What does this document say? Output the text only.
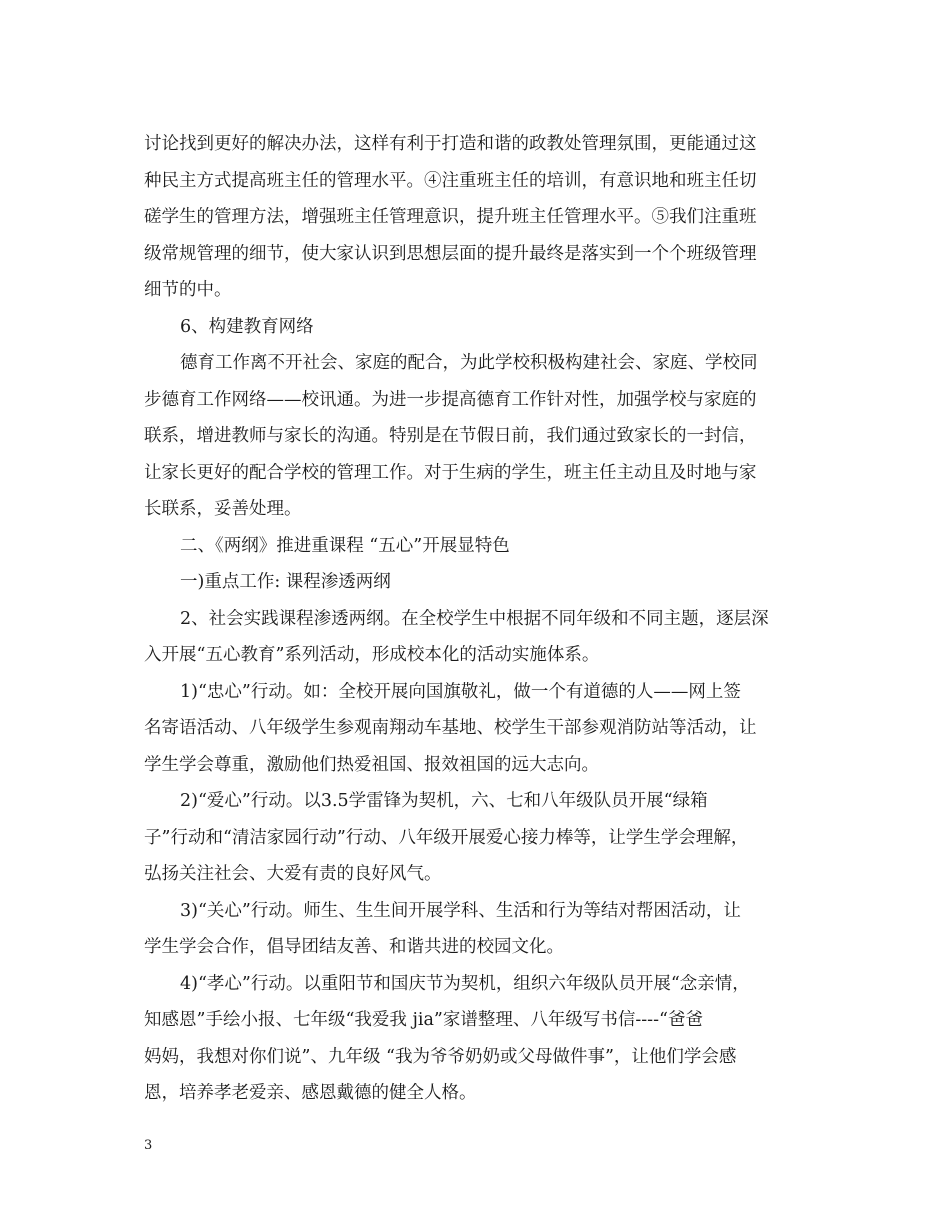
讨论找到更好的解决办法，这样有利于打造和谐的政教处管理氛围，更能通过这
种民主方式提高班主任的管理水平。④注重班主任的培训，有意识地和班主任切
磋学生的管理方法，增强班主任管理意识，提升班主任管理水平。⑤我们注重班
级常规管理的细节，使大家认识到思想层面的提升最终是落实到一个个班级管理
细节的中。
6、构建教育网络
德育工作离不开社会、家庭的配合，为此学校积极构建社会、家庭、学校同
步德育工作网络——校讯通。为进一步提高德育工作针对性，加强学校与家庭的
联系，增进教师与家长的沟通。特别是在节假日前，我们通过致家长的一封信，
让家长更好的配合学校的管理工作。对于生病的学生，班主任主动且及时地与家
长联系，妥善处理。
二、《两纲》推进重课程 “五心”开展显特色
一)重点工作: 课程渗透两纲
2、社会实践课程渗透两纲。在全校学生中根据不同年级和不同主题，逐层深
入开展“五心教育”系列活动，形成校本化的活动实施体系。
1)“忠心”行动。如：全校开展向国旗敬礼，做一个有道德的人——网上签
名寄语活动、八年级学生参观南翔动车基地、校学生干部参观消防站等活动，让
学生学会尊重，激励他们热爱祖国、报效祖国的远大志向。
2)“爱心”行动。以3.5学雷锋为契机，六、七和八年级队员开展“绿箱
子”行动和“清洁家园行动”行动、八年级开展爱心接力棒等，让学生学会理解，
弘扬关注社会、大爱有责的良好风气。
3)“关心”行动。师生、生生间开展学科、生活和行为等结对帮困活动，让
学生学会合作，倡导团结友善、和谐共进的校园文化。
4)“孝心”行动。以重阳节和国庆节为契机，组织六年级队员开展“念亲情，
知感恩”手绘小报、七年级“我爱我 jia”家谱整理、八年级写书信----“爸爸
妈妈，我想对你们说”、九年级 “我为爷爷奶奶或父母做件事”，让他们学会感
恩，培养孝老爱亲、感恩戴德的健全人格。
3
